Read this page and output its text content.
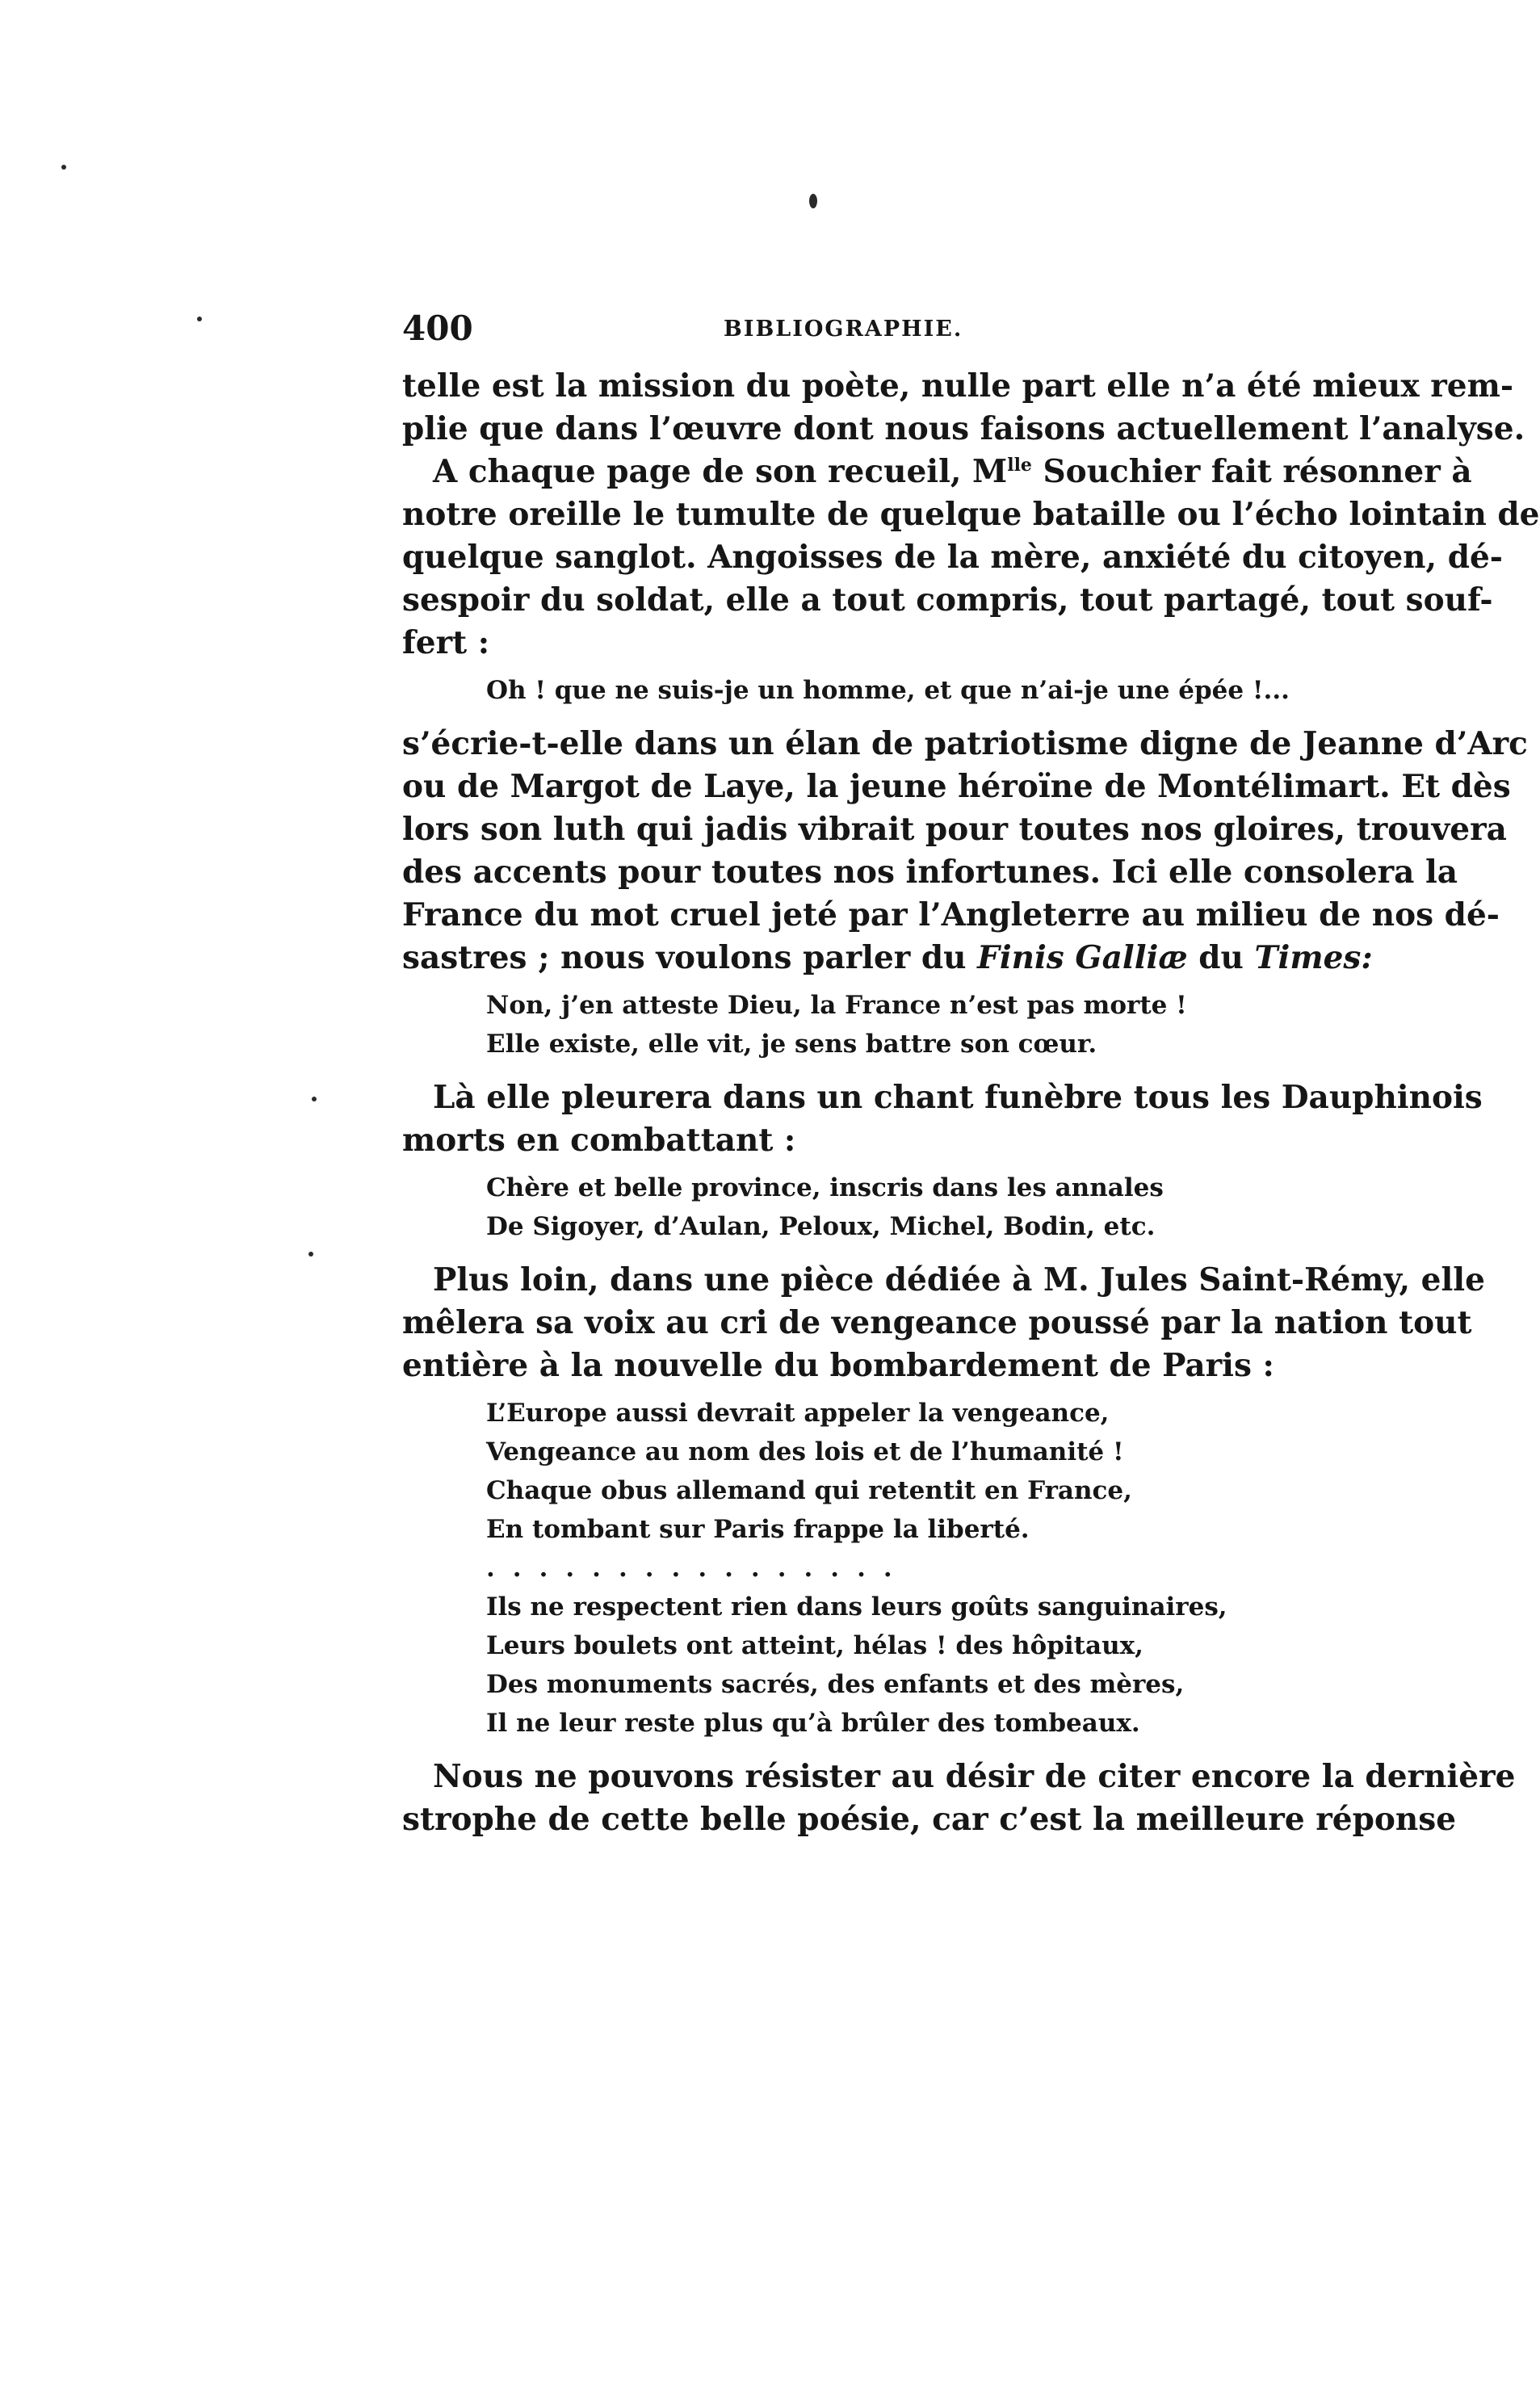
400	BIBLIOGRAPHIE.
telle est la mission du poète, nulle part elle n’a été mieux rem-
plie que dans l’œuvre dont nous faisons actuellement l’analyse.
A chaque page de son recueil, $M^{lle}$ Souchier fait résonner à
notre oreille le tumulte de quelque bataille ou l’écho lointain de
quelque sanglot. Angoisses de la mère, anxiété du citoyen, dé-
sespoir du soldat, elle a tout compris, tout partagé, tout souf-
fert :
Oh ! que ne suis-je un homme, et que n’ai-je une épée !...
s’écrie-t-elle dans un élan de patriotisme digne de Jeanne d’Arc
ou de Margot de Laye, la jeune héroïne de Montélimart. Et dès
lors son luth qui jadis vibrait pour toutes nos gloires, trouvera
des accents pour toutes nos infortunes. Ici elle consolera la
France du mot cruel jeté par l’Angleterre au milieu de nos dé-
sastres ; nous voulons parler du Finis Galliæ du Times:
Non, j’en atteste Dieu, la France n’est pas morte !
Elle existe, elle vit, je sens battre son cœur.
Là elle pleurera dans un chant funèbre tous les Dauphinois
morts en combattant :
Chère et belle province, inscris dans les annales
De Sigoyer, d’Aulan, Peloux, Michel, Bodin, etc.
Plus loin, dans une pièce dédiée à M. Jules Saint-Rémy, elle
mêlera sa voix au cri de vengeance poussé par la nation tout
entière à la nouvelle du bombardement de Paris :
L’Europe aussi devrait appeler la vengeance,
Vengeance au nom des lois et de l’humanité !
Chaque obus allemand qui retentit en France,
En tombant sur Paris frappe la liberté.
................
Ils ne respectent rien dans leurs goûts sanguinaires,
Leurs boulets ont atteint, hélas ! des hôpitaux,
Des monuments sacrés, des enfants et des mères,
Il ne leur reste plus qu’à brûler des tombeaux.
Nous ne pouvons résister au désir de citer encore la dernière
strophe de cette belle poésie, car c’est la meilleure réponse
